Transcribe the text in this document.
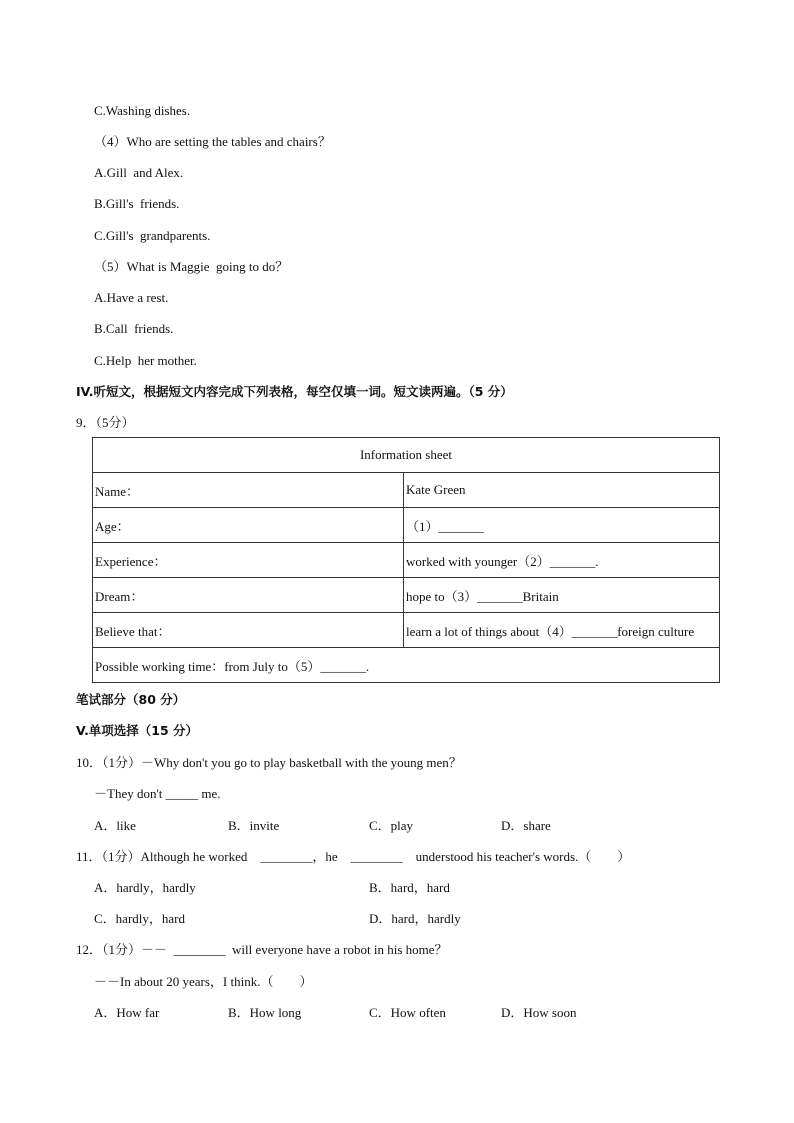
C.Washing dishes.
（4）Who are setting the tables and chairs？
A.Gill  and Alex.
B.Gill's  friends.
C.Gill's  grandparents.
（5）What is Maggie  going to do？
A.Have a rest.
B.Call  friends.
C.Help  her mother.
IV.听短文，根据短文内容完成下列表格，每空仅填一词。短文读两遍。（5 分）
9．（5分）
Information sheet	
Name：	Kate Green
Age：	（1）_______
Experience：	worked with younger（2）_______.
Dream：	hope to（3）_______Britain
Believe that：	learn a lot of things about（4）_______foreign culture
Possible working time：from July to（5）_______.	
笔试部分（80 分）
V.单项选择（15 分）
10．（1分）－Why don't you go to play basketball with the young men？
－They don't _____ me.
A．like	B．invite	C．play	D．share
11．（1分）Although he worked    ________，he    ________    understood his teacher's words.（        ）
A．hardly，hardly	B．hard，hard
C．hardly，hard	D．hard，hardly
12．（1分）－－  ________  will everyone have a robot in his home？
－－In about 20 years，I think.（        ）
A．How far	B．How long	C．How often	D．How soon
